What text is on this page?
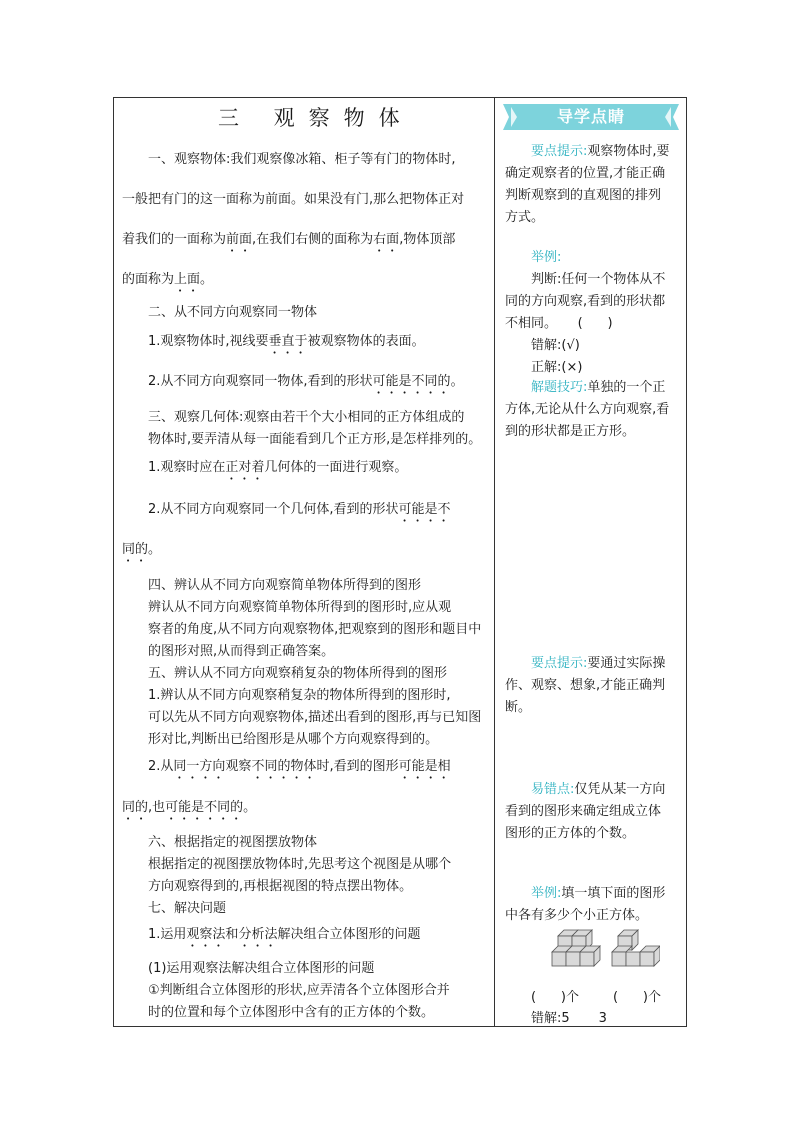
三 观察物体
一、观察物体:我们观察像冰箱、柜子等有门的物体时,
一般把有门的这一面称为前面。如果没有门,那么把物体正对
着我们的一面称为前面,在我们右侧的面称为右面,物体顶部
的面称为上面。
二、从不同方向观察同一物体
1.观察物体时,视线要垂直于被观察物体的表面。
2.从不同方向观察同一物体,看到的形状可能是不同的。
三、观察几何体:观察由若干个大小相同的正方体组成的
物体时,要弄清从每一面能看到几个正方形,是怎样排列的。
1.观察时应在正对着几何体的一面进行观察。
2.从不同方向观察同一个几何体,看到的形状可能是不
同的。
四、辨认从不同方向观察简单物体所得到的图形
辨认从不同方向观察简单物体所得到的图形时,应从观
察者的角度,从不同方向观察物体,把观察到的图形和题目中
的图形对照,从而得到正确答案。
五、辨认从不同方向观察稍复杂的物体所得到的图形
1.辨认从不同方向观察稍复杂的物体所得到的图形时,
可以先从不同方向观察物体,描述出看到的图形,再与已知图
形对比,判断出已给图形是从哪个方向观察得到的。
2.从同一方向观察不同的物体时,看到的图形可能是相
同的,也可能是不同的。
六、根据指定的视图摆放物体
根据指定的视图摆放物体时,先思考这个视图是从哪个
方向观察得到的,再根据视图的特点摆出物体。
七、解决问题
1.运用观察法和分析法解决组合立体图形的问题
(1)运用观察法解决组合立体图形的问题
①判断组合立体图形的形状,应弄清各个立体图形合并
时的位置和每个立体图形中含有的正方体的个数。
导学点睛
要点提示:观察物体时,要
确定观察者的位置,才能正确
判断观察到的直观图的排列
方式。
举例:
判断:任何一个物体从不
同的方向观察,看到的形状都
不相同。     (      )
错解:(√)
正解:(×)
解题技巧:单独的一个正
方体,无论从什么方向观察,看
到的形状都是正方形。
要点提示:要通过实际操
作、观察、想象,才能正确判
断。
易错点:仅凭从某一方向
看到的图形来确定组成立体
图形的正方体的个数。
举例:填一填下面的图形
中各有多少个小正方体。
(      )个	(      )个
错解:5       3
